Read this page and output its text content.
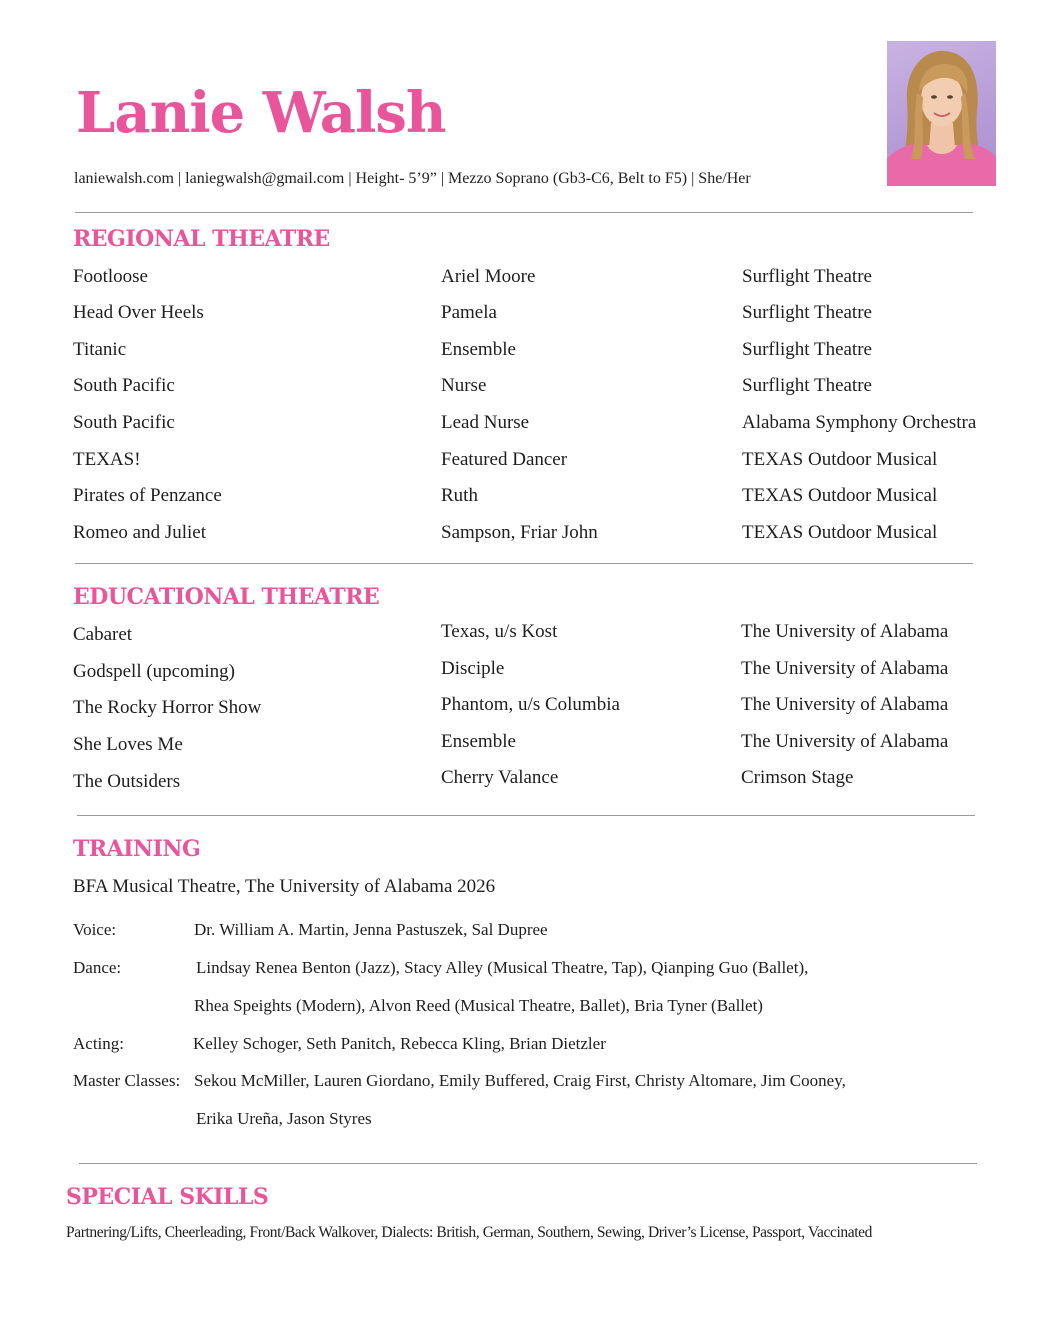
Lanie Walsh
laniewalsh.com | laniegwalsh@gmail.com | Height- 5’9” | Mezzo Soprano (Gb3-C6, Belt to F5) | She/Her
REGIONAL THEATRE
Footloose	Ariel Moore	Surflight Theatre
Head Over Heels	Pamela	Surflight Theatre
Titanic	Ensemble	Surflight Theatre
South Pacific	Nurse	Surflight Theatre
South Pacific	Lead Nurse	Alabama Symphony Orchestra
TEXAS!	Featured Dancer	TEXAS Outdoor Musical
Pirates of Penzance	Ruth	TEXAS Outdoor Musical
Romeo and Juliet	Sampson, Friar John	TEXAS Outdoor Musical
EDUCATIONAL THEATRE
Cabaret	Texas, u/s Kost	The University of Alabama
Godspell (upcoming)	Disciple	The University of Alabama
The Rocky Horror Show	Phantom, u/s Columbia	The University of Alabama
She Loves Me	Ensemble	The University of Alabama
The Outsiders	Cherry Valance	Crimson Stage
TRAINING
BFA Musical Theatre, The University of Alabama 2026
Voice:	Dr. William A. Martin, Jenna Pastuszek, Sal Dupree
Dance:	Lindsay Renea Benton (Jazz), Stacy Alley (Musical Theatre, Tap), Qianping Guo (Ballet),
Rhea Speights (Modern), Alvon Reed (Musical Theatre, Ballet), Bria Tyner (Ballet)
Acting:	Kelley Schoger, Seth Panitch, Rebecca Kling, Brian Dietzler
Master Classes: Sekou McMiller, Lauren Giordano, Emily Buffered, Craig First, Christy Altomare, Jim Cooney,
Erika Ureña, Jason Styres
SPECIAL SKILLS
Partnering/Lifts, Cheerleading, Front/Back Walkover, Dialects: British, German, Southern, Sewing, Driver’s License, Passport, Vaccinated
